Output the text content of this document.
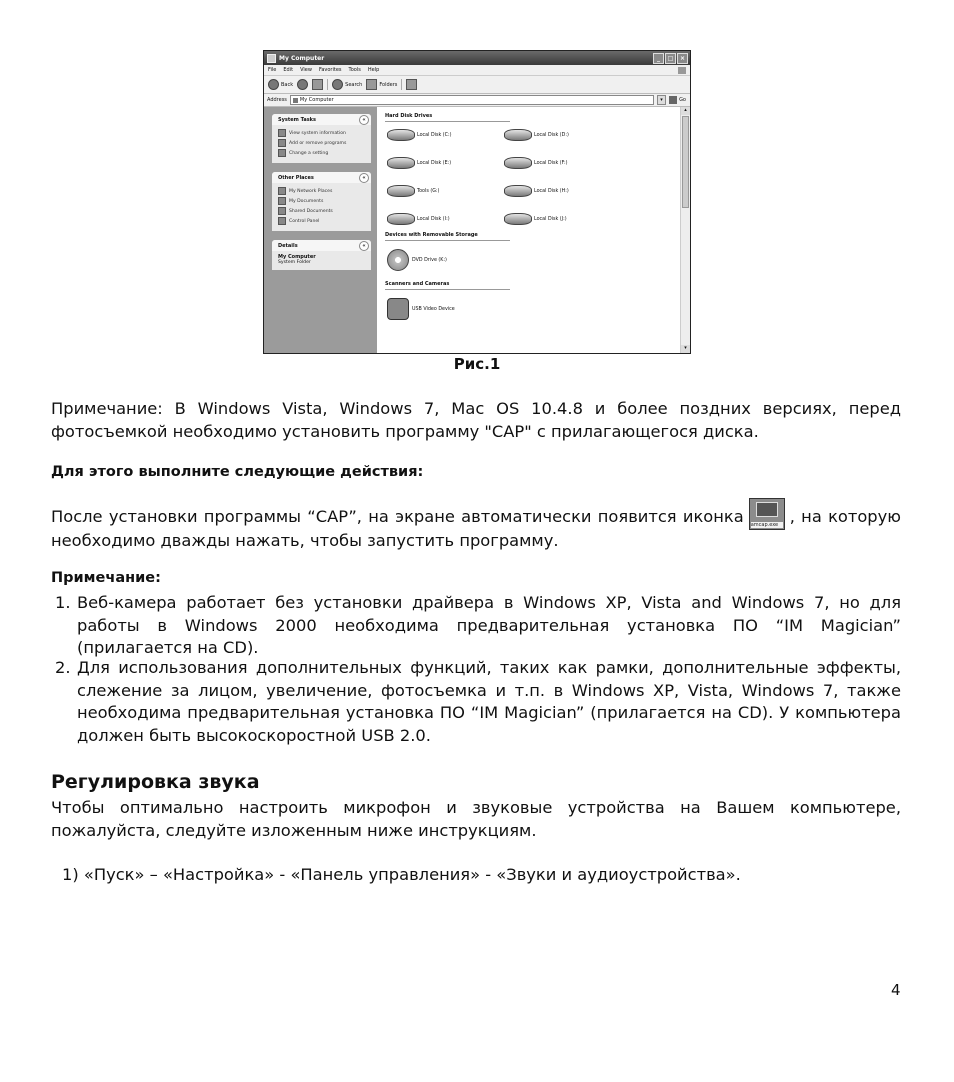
My Computer	_	□	×
File Edit View Favorites Tools Help
Back	Search	Folders
Address	My Computer	▾	Go
System Tasks	«
View system information
Add or remove programs
Change a setting
Other Places	«
My Network Places
My Documents
Shared Documents
Control Panel
Details	«
My Computer
System Folder
Hard Disk Drives
Local Disk (C:)	Local Disk (D:)
Local Disk (E:)	Local Disk (F:)
Tools (G:)	Local Disk (H:)
Local Disk (I:)	Local Disk (J:)
Devices with Removable Storage
DVD Drive (K:)
Scanners and Cameras
USB Video Device
▴
▾
Рис.1

Примечание: В Windows Vista, Windows 7, Mac OS 10.4.8 и более поздних версиях, перед фотосъемкой необходимо установить программу "CAP" с прилагающегося диска.

Для этого выполните следующие действия:

После установки программы “CAP”, на экране автоматически появится иконка amcap.exe , на которую необходимо дважды нажать, чтобы запустить программу.

Примечание:

1. Веб-камера работает без установки драйвера в Windows XP, Vista and Windows 7, но для работы в Windows 2000 необходима предварительная установка ПО “IM Magician” (прилагается на CD).
2. Для использования дополнительных функций, таких как рамки, дополнительные эффекты, слежение за лицом, увеличение, фотосъемка и т.п. в Windows XP, Vista, Windows 7, также необходима предварительная установка ПО “IM Magician” (прилагается на CD). У компьютера должен быть высокоскоростной USB 2.0.
Регулировка звука

Чтобы оптимально настроить микрофон и звуковые устройства на Вашем компьютере, пожалуйста, следуйте изложенным ниже инструкциям.

1) «Пуск» – «Настройка» - «Панель управления» - «Звуки и аудиоустройства».

4
